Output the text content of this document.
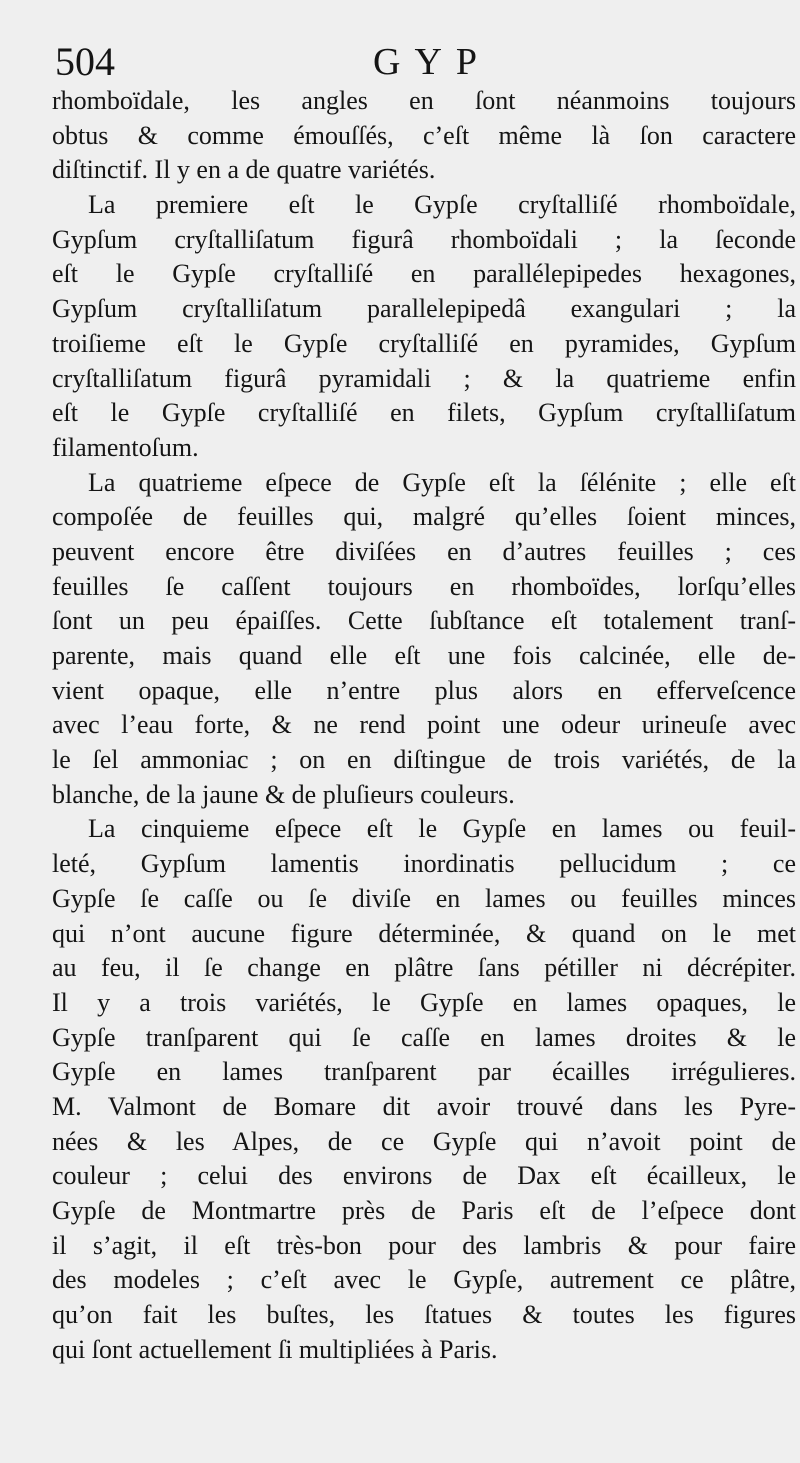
504	GYP
rhomboïdale, les angles en ſont néanmoins toujours
obtus & comme émouſſés, c’eſt même là ſon caractere
diſtinctif. Il y en a de quatre variétés.
La premiere eſt le Gypſe cryſtalliſé rhomboïdale,
Gypſum cryſtalliſatum figurâ rhomboïdali ; la ſeconde
eſt le Gypſe cryſtalliſé en parallélepipedes hexagones,
Gypſum cryſtalliſatum parallelepipedâ exangulari ; la
troiſieme eſt le Gypſe cryſtalliſé en pyramides, Gypſum
cryſtalliſatum figurâ pyramidali ; & la quatrieme enfin
eſt le Gypſe cryſtalliſé en filets, Gypſum cryſtalliſatum
filamentoſum.
La quatrieme eſpece de Gypſe eſt la ſélénite ; elle eſt
compoſée de feuilles qui, malgré qu’elles ſoient minces,
peuvent encore être diviſées en d’autres feuilles ; ces
feuilles ſe caſſent toujours en rhomboïdes, lorſqu’elles
ſont un peu épaiſſes. Cette ſubſtance eſt totalement tranſ-
parente, mais quand elle eſt une fois calcinée, elle de-
vient opaque, elle n’entre plus alors en efferveſcence
avec l’eau forte, & ne rend point une odeur urineuſe avec
le ſel ammoniac ; on en diſtingue de trois variétés, de la
blanche, de la jaune & de pluſieurs couleurs.
La cinquieme eſpece eſt le Gypſe en lames ou feuil-
leté, Gypſum lamentis inordinatis pellucidum ; ce
Gypſe ſe caſſe ou ſe diviſe en lames ou feuilles minces
qui n’ont aucune figure déterminée, & quand on le met
au feu, il ſe change en plâtre ſans pétiller ni décrépiter.
Il y a trois variétés, le Gypſe en lames opaques, le
Gypſe tranſparent qui ſe caſſe en lames droites & le
Gypſe en lames tranſparent par écailles irrégulieres.
M. Valmont de Bomare dit avoir trouvé dans les Pyre-
nées & les Alpes, de ce Gypſe qui n’avoit point de
couleur ; celui des environs de Dax eſt écailleux, le
Gypſe de Montmartre près de Paris eſt de l’eſpece dont
il s’agit, il eſt très-bon pour des lambris & pour faire
des modeles ; c’eſt avec le Gypſe, autrement ce plâtre,
qu’on fait les buſtes, les ſtatues & toutes les figures
qui ſont actuellement ſi multipliées à Paris.
